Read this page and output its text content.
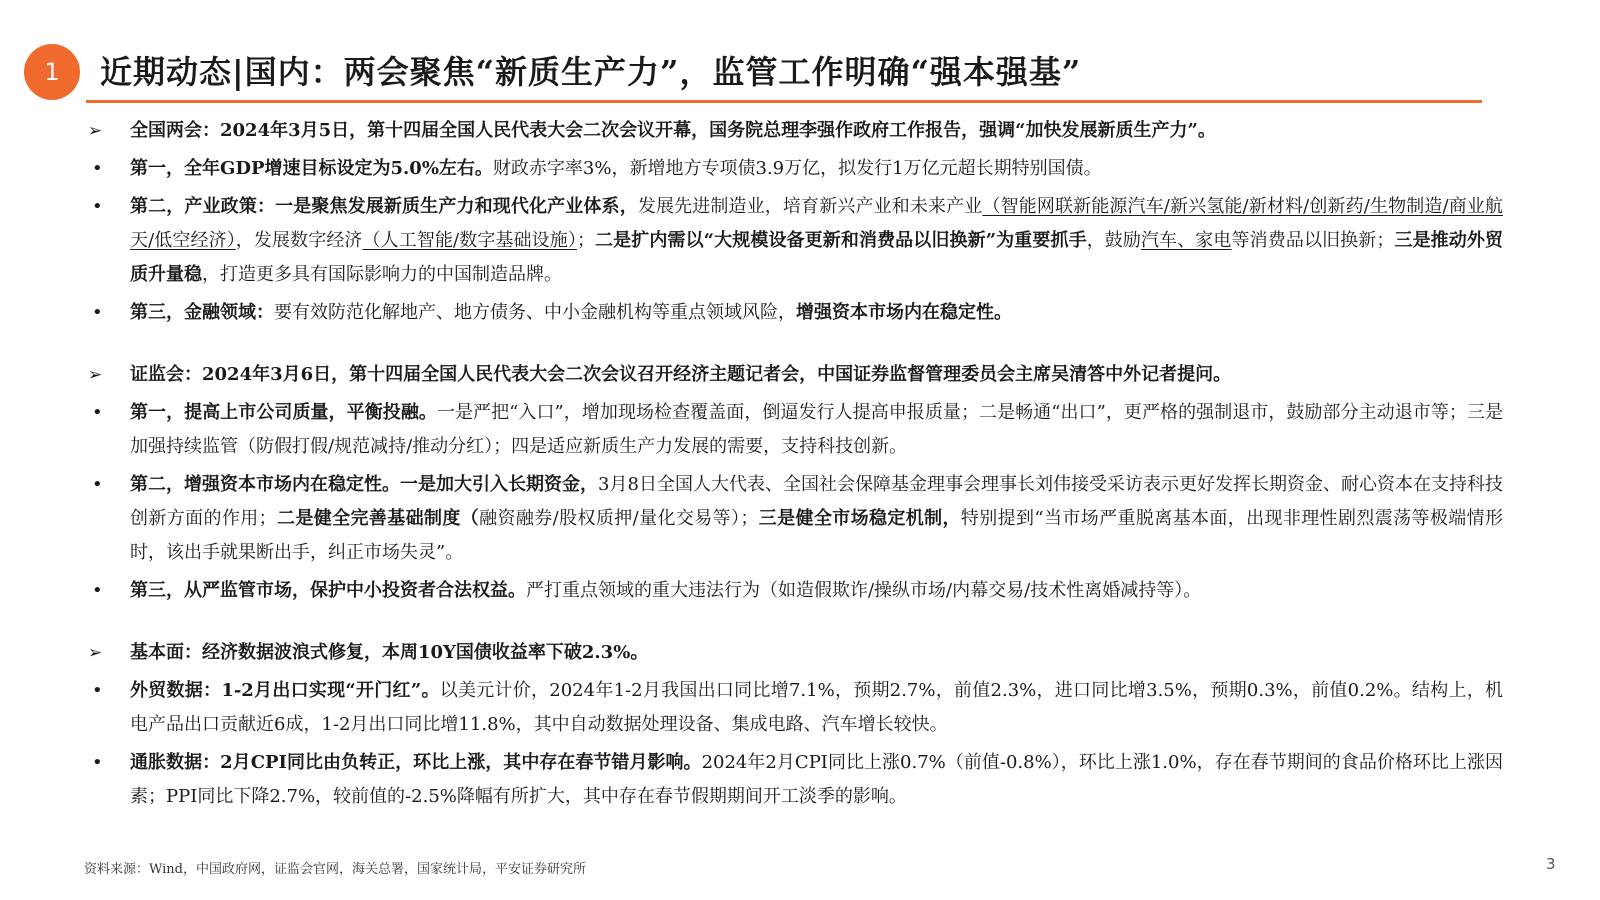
1 近期动态|国内：两会聚焦“新质生产力”，监管工作明确“强本强基”
➢	全国两会：2024年3月5日，第十四届全国人民代表大会二次会议开幕，国务院总理李强作政府工作报告，强调“加快发展新质生产力”。
•	第一，全年GDP增速目标设定为5.0%左右。财政赤字率3%，新增地方专项债3.9万亿，拟发行1万亿元超长期特别国债。
•	第二，产业政策：一是聚焦发展新质生产力和现代化产业体系，发展先进制造业，培育新兴产业和未来产业（智能网联新能源汽车/新兴氢能/新材料/创新药/生物制造/商业航天/低空经济），发展数字经济（人工智能/数字基础设施）；二是扩内需以“大规模设备更新和消费品以旧换新”为重要抓手，鼓励汽车、家电等消费品以旧换新；三是推动外贸质升量稳，打造更多具有国际影响力的中国制造品牌。
•	第三，金融领域：要有效防范化解地产、地方债务、中小金融机构等重点领域风险，增强资本市场内在稳定性。
➢	证监会：2024年3月6日，第十四届全国人民代表大会二次会议召开经济主题记者会，中国证券监督管理委员会主席吴清答中外记者提问。
•	第一，提高上市公司质量，平衡投融。一是严把“入口”，增加现场检查覆盖面，倒逼发行人提高申报质量；二是畅通“出口”，更严格的强制退市，鼓励部分主动退市等；三是加强持续监管（防假打假/规范减持/推动分红）；四是适应新质生产力发展的需要，支持科技创新。
•	第二，增强资本市场内在稳定性。一是加大引入长期资金，3月8日全国人大代表、全国社会保障基金理事会理事长刘伟接受采访表示更好发挥长期资金、耐心资本在支持科技创新方面的作用；二是健全完善基础制度（融资融券/股权质押/量化交易等）；三是健全市场稳定机制，特别提到“当市场严重脱离基本面，出现非理性剧烈震荡等极端情形时，该出手就果断出手，纠正市场失灵”。
•	第三，从严监管市场，保护中小投资者合法权益。严打重点领域的重大违法行为（如造假欺诈/操纵市场/内幕交易/技术性离婚减持等）。
➢	基本面：经济数据波浪式修复，本周10Y国债收益率下破2.3%。
•	外贸数据：1-2月出口实现“开门红”。以美元计价，2024年1-2月我国出口同比增7.1%，预期2.7%，前值2.3%，进口同比增3.5%，预期0.3%，前值0.2%。结构上，机电产品出口贡献近6成，1-2月出口同比增11.8%，其中自动数据处理设备、集成电路、汽车增长较快。
•	通胀数据：2月CPI同比由负转正，环比上涨，其中存在春节错月影响。2024年2月CPI同比上涨0.7%（前值-0.8%），环比上涨1.0%，存在春节期间的食品价格环比上涨因素；PPI同比下降2.7%，较前值的-2.5%降幅有所扩大，其中存在春节假期期间开工淡季的影响。
资料来源：Wind，中国政府网，证监会官网，海关总署，国家统计局，平安证券研究所	3
